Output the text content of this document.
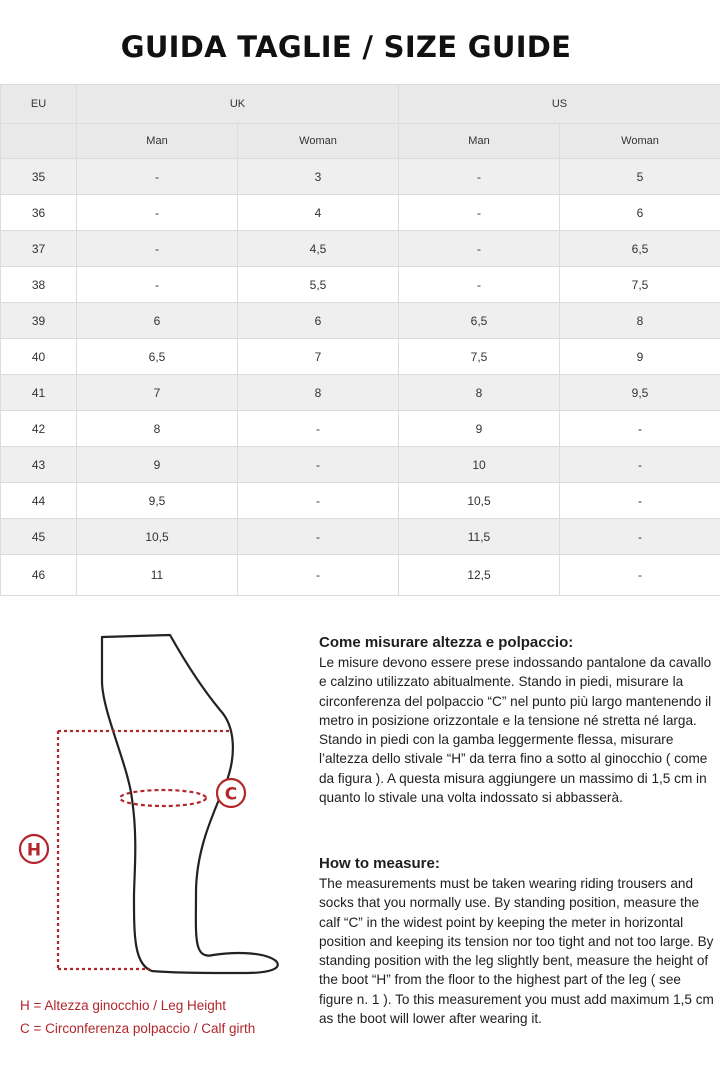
GUIDA TAGLIE / SIZE GUIDE
EU	UK		US	
	Man	Woman	Man	Woman
35	-	3	-	5
36	-	4	-	6
37	-	4,5	-	6,5
38	-	5,5	-	7,5
39	6	6	6,5	8
40	6,5	7	7,5	9
41	7	8	8	9,5
42	8	-	9	-
43	9	-	10	-
44	9,5	-	10,5	-
45	10,5	-	11,5	-
46	11	-	12,5	-
H
C
H = Altezza ginocchio / Leg Height
C = Circonferenza polpaccio / Calf girth
Come misurare altezza e polpaccio:

Le misure devono essere prese indossando pantalone da cavallo e calzino utilizzato abitualmente. Stando in piedi, misurare la circonferenza del polpaccio “C” nel punto più largo mantenendo il metro in posizione orizzontale e la tensione né stretta né larga. Stando in piedi con la gamba leggermente flessa, misurare l’altezza dello stivale “H” da terra fino a sotto al ginocchio ( come da figura ). A questa misura aggiungere un massimo di 1,5 cm in quanto lo stivale una volta indossato si abbasserà.

How to measure:

The measurements must be taken wearing riding trousers and socks that you normally use. By standing position, measure the calf “C” in the widest point by keeping the meter in horizontal position and keeping its tension nor too tight and not too large. By standing position with the leg slightly bent, measure the height of the boot “H” from the floor to the highest part of the leg ( see figure n. 1 ). To this measurement you must add maximum 1,5 cm as the boot will lower after wearing it.
